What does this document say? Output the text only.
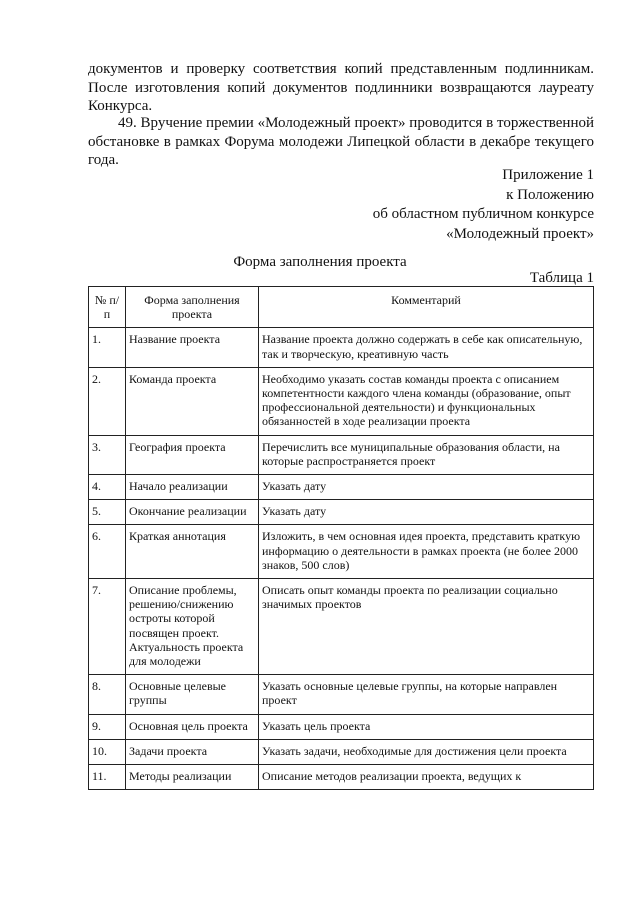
документов и проверку соответствия копий представленным подлинникам. После изготовления копий документов подлинники возвращаются лауреату Конкурса.
49. Вручение премии «Молодежный проект» проводится в торжественной обстановке в рамках Форума молодежи Липецкой области в декабре текущего года.
Приложение 1
к Положению
об областном публичном конкурсе
«Молодежный проект»
Форма заполнения проекта
Таблица 1
№ п/п	Форма заполнения проекта	Комментарий
1.	Название проекта	Название проекта должно содержать в себе как описательную, так и творческую, креативную часть
2.	Команда проекта	Необходимо указать состав команды проекта с описанием компетентности каждого члена команды (образование, опыт профессиональной деятельности) и функциональных обязанностей в ходе реализации проекта
3.	География проекта	Перечислить все муниципальные образования области, на которые распространяется проект
4.	Начало реализации	Указать дату
5.	Окончание реализации	Указать дату
6.	Краткая аннотация	Изложить, в чем основная идея проекта, представить краткую информацию о деятельности в рамках проекта (не более 2000 знаков, 500 слов)
7.	Описание проблемы, решению/снижению остроты которой посвящен проект. Актуальность проекта для молодежи	Описать опыт команды проекта по реализации социально значимых проектов
8.	Основные целевые группы	Указать основные целевые группы, на которые направлен проект
9.	Основная цель проекта	Указать цель проекта
10.	Задачи проекта	Указать задачи, необходимые для достижения цели проекта
11.	Методы реализации	Описание методов реализации проекта, ведущих к
